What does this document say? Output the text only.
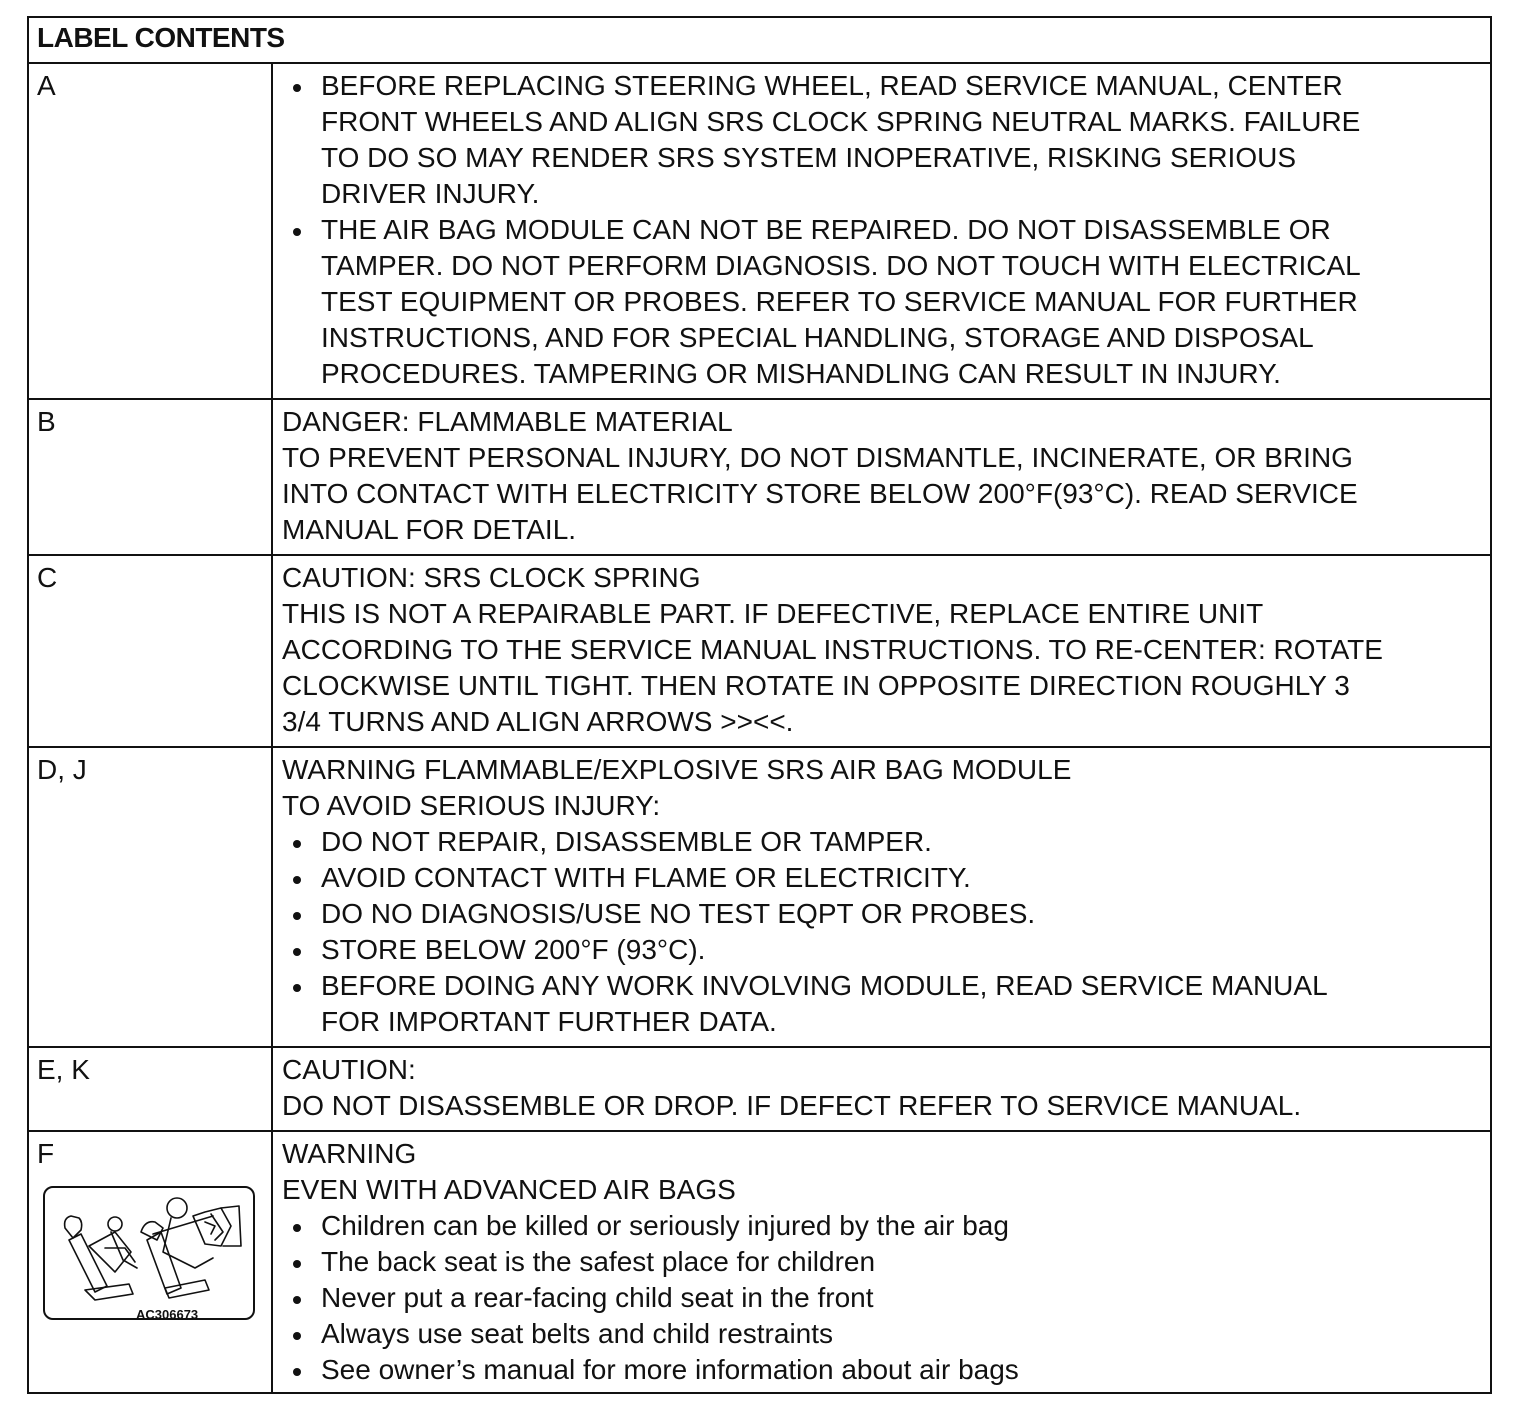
LABEL CONTENTS
A	BEFORE REPLACING STEERING WHEEL, READ SERVICE MANUAL, CENTER
FRONT WHEELS AND ALIGN SRS CLOCK SPRING NEUTRAL MARKS. FAILURE
TO DO SO MAY RENDER SRS SYSTEM INOPERATIVE, RISKING SERIOUS
DRIVER INJURY.
THE AIR BAG MODULE CAN NOT BE REPAIRED. DO NOT DISASSEMBLE OR
TAMPER. DO NOT PERFORM DIAGNOSIS. DO NOT TOUCH WITH ELECTRICAL
TEST EQUIPMENT OR PROBES. REFER TO SERVICE MANUAL FOR FURTHER
INSTRUCTIONS, AND FOR SPECIAL HANDLING, STORAGE AND DISPOSAL
PROCEDURES. TAMPERING OR MISHANDLING CAN RESULT IN INJURY.
B	DANGER: FLAMMABLE MATERIAL
TO PREVENT PERSONAL INJURY, DO NOT DISMANTLE, INCINERATE, OR BRING
INTO CONTACT WITH ELECTRICITY STORE BELOW 200°F(93°C). READ SERVICE
MANUAL FOR DETAIL.
C	CAUTION: SRS CLOCK SPRING
THIS IS NOT A REPAIRABLE PART. IF DEFECTIVE, REPLACE ENTIRE UNIT
ACCORDING TO THE SERVICE MANUAL INSTRUCTIONS. TO RE-CENTER: ROTATE
CLOCKWISE UNTIL TIGHT. THEN ROTATE IN OPPOSITE DIRECTION ROUGHLY 3
3/4 TURNS AND ALIGN ARROWS >><<.
D, J	WARNING FLAMMABLE/EXPLOSIVE SRS AIR BAG MODULE
TO AVOID SERIOUS INJURY:
DO NOT REPAIR, DISASSEMBLE OR TAMPER.
AVOID CONTACT WITH FLAME OR ELECTRICITY.
DO NO DIAGNOSIS/USE NO TEST EQPT OR PROBES.
STORE BELOW 200°F (93°C).
BEFORE DOING ANY WORK INVOLVING MODULE, READ SERVICE MANUAL
FOR IMPORTANT FURTHER DATA.
E, K	CAUTION:
DO NOT DISASSEMBLE OR DROP. IF DEFECT REFER TO SERVICE MANUAL.
F	WARNING
EVEN WITH ADVANCED AIR BAGS
Children can be killed or seriously injured by the air bag
The back seat is the safest place for children
Never put a rear-facing child seat in the front
Always use seat belts and child restraints
See owner’s manual for more information about air bags
AC306673
